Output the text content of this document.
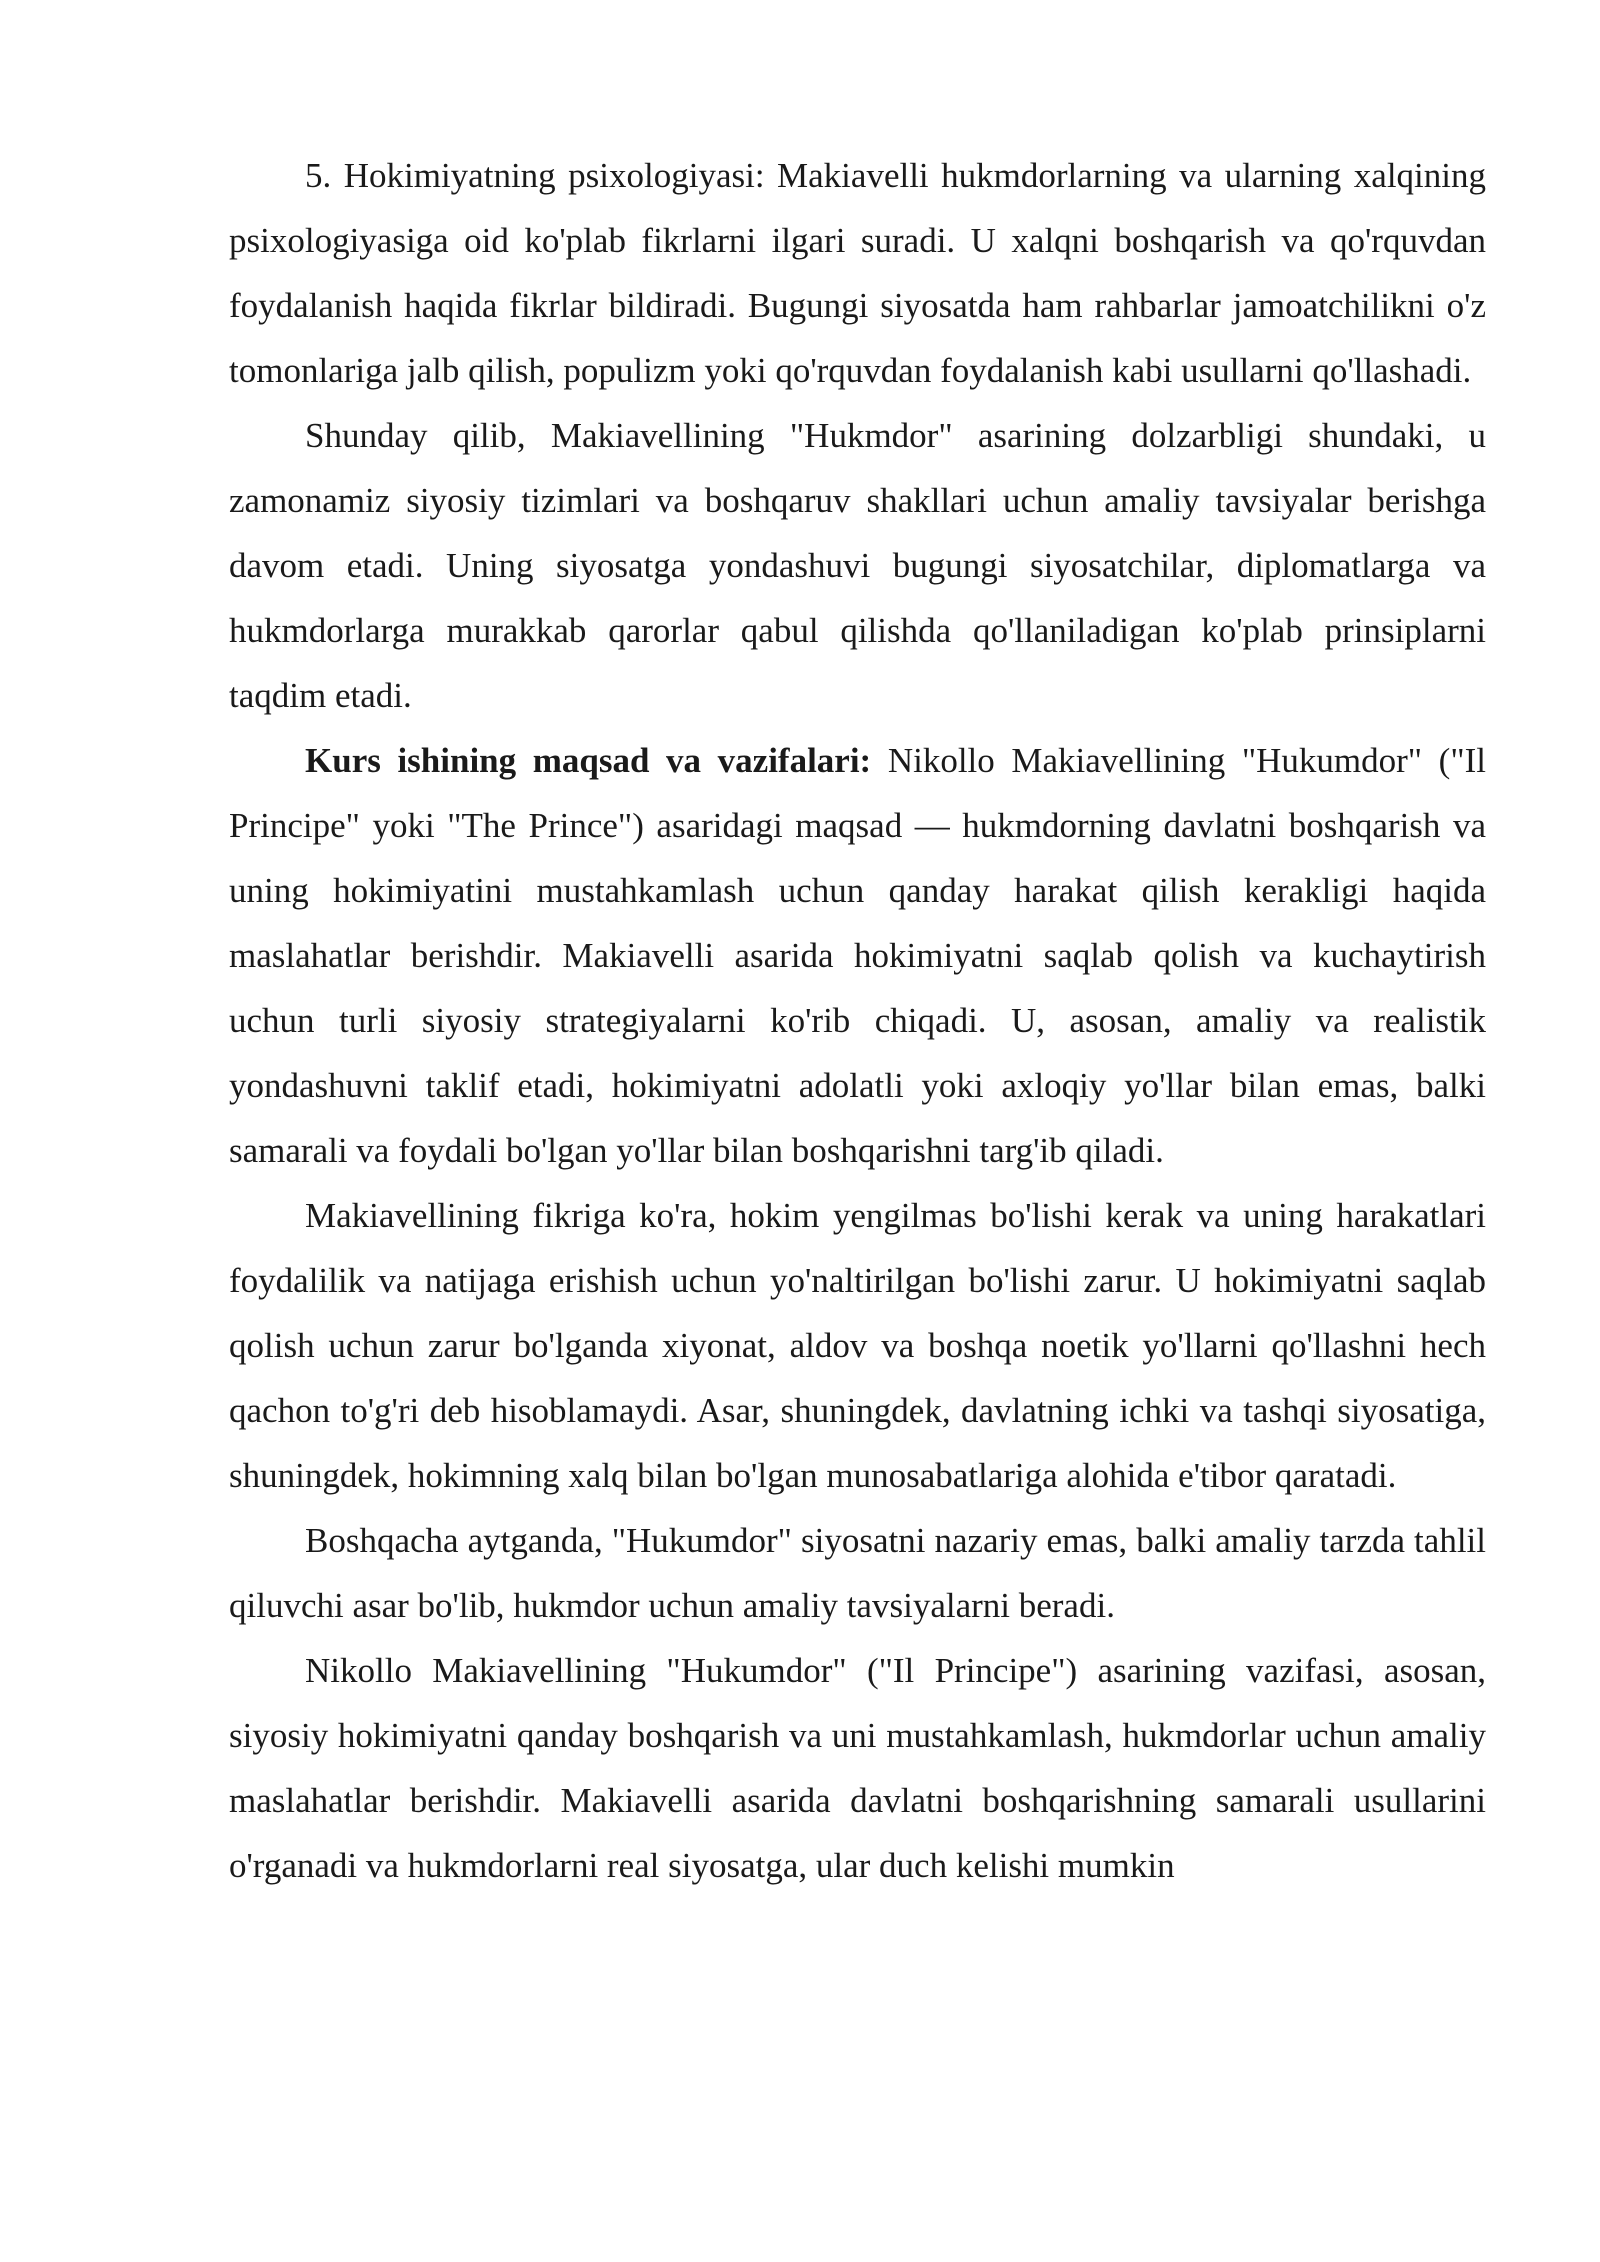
5. Hokimiyatning psixologiyasi: Makiavelli hukmdorlarning va ularning xalqining psixologiyasiga oid ko'plab fikrlarni ilgari suradi. U xalqni boshqarish va qo'rquvdan foydalanish haqida fikrlar bildiradi. Bugungi siyosatda ham rahbarlar jamoatchilikni o'z tomonlariga jalb qilish, populizm yoki qo'rquvdan foydalanish kabi usullarni qo'llashadi.

Shunday qilib, Makiavellining "Hukmdor" asarining dolzarbligi shundaki, u zamonamiz siyosiy tizimlari va boshqaruv shakllari uchun amaliy tavsiyalar berishga davom etadi. Uning siyosatga yondashuvi bugungi siyosatchilar, diplomatlarga va hukmdorlarga murakkab qarorlar qabul qilishda qo'llaniladigan ko'plab prinsiplarni taqdim etadi.

Kurs ishining maqsad va vazifalari: Nikollo Makiavellining "Hukumdor" ("Il Principe" yoki "The Prince") asaridagi maqsad — hukmdorning davlatni boshqarish va uning hokimiyatini mustahkamlash uchun qanday harakat qilish kerakligi haqida maslahatlar berishdir. Makiavelli asarida hokimiyatni saqlab qolish va kuchaytirish uchun turli siyosiy strategiyalarni ko'rib chiqadi. U, asosan, amaliy va realistik yondashuvni taklif etadi, hokimiyatni adolatli yoki axloqiy yo'llar bilan emas, balki samarali va foydali bo'lgan yo'llar bilan boshqarishni targ'ib qiladi.

Makiavellining fikriga ko'ra, hokim yengilmas bo'lishi kerak va uning harakatlari foydalilik va natijaga erishish uchun yo'naltirilgan bo'lishi zarur. U hokimiyatni saqlab qolish uchun zarur bo'lganda xiyonat, aldov va boshqa noetik yo'llarni qo'llashni hech qachon to'g'ri deb hisoblamaydi. Asar, shuningdek, davlatning ichki va tashqi siyosatiga, shuningdek, hokimning xalq bilan bo'lgan munosabatlariga alohida e'tibor qaratadi.

Boshqacha aytganda, "Hukumdor" siyosatni nazariy emas, balki amaliy tarzda tahlil qiluvchi asar bo'lib, hukmdor uchun amaliy tavsiyalarni beradi.

Nikollo Makiavellining "Hukumdor" ("Il Principe") asarining vazifasi, asosan, siyosiy hokimiyatni qanday boshqarish va uni mustahkamlash, hukmdorlar uchun amaliy maslahatlar berishdir. Makiavelli asarida davlatni boshqarishning samarali usullarini o'rganadi va hukmdorlarni real siyosatga, ular duch kelishi mumkin
